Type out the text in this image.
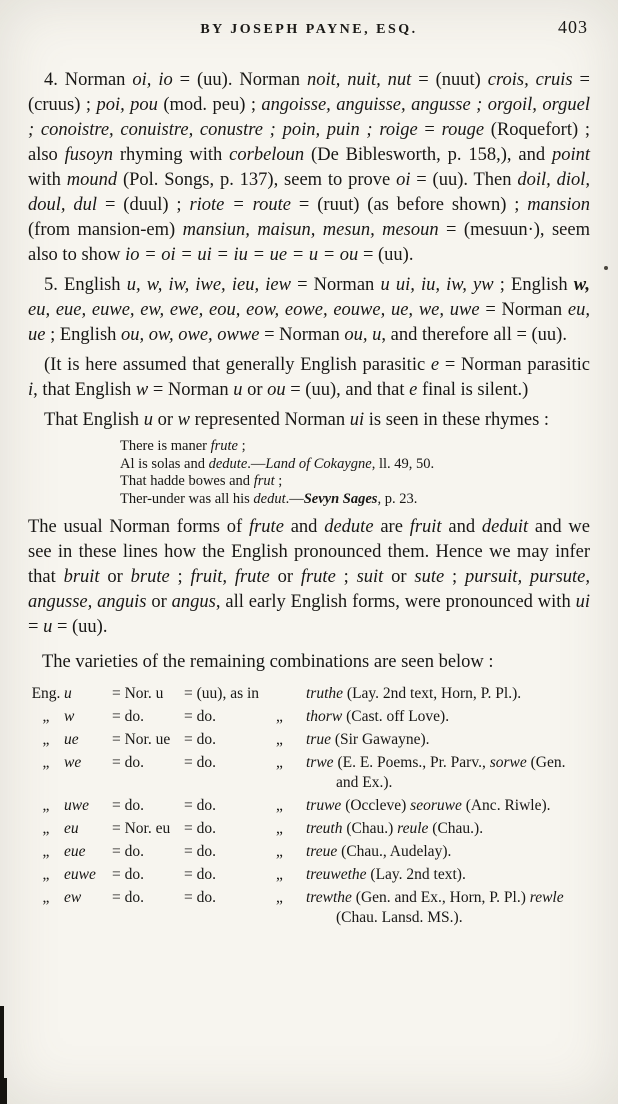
BY JOSEPH PAYNE, ESQ.	403

4. Norman oi, io = (uu). Norman noit, nuit, nut = (nuut) crois, cruis = (cruus) ; poi, pou (mod. peu) ; angoisse, anguisse, angusse ; orgoil, orguel ; conoistre, conuistre, conustre ; poin, puin ; roige = rouge (Roquefort) ; also fusoyn rhyming with corbeloun (De Biblesworth, p. 158,), and point with mound (Pol. Songs, p. 137), seem to prove oi = (uu). Then doil, diol, doul, dul = (duul) ; riote = route = (ruut) (as before shown) ; mansion (from mansion-em) mansiun, maisun, mesun, mesoun = (mesuun·), seem also to show io = oi = ui = iu = ue = u = ou = (uu).

5. English u, w, iw, iwe, ieu, iew = Norman u ui, iu, iw, yw ; English w, eu, eue, euwe, ew, ewe, eou, eow, eowe, eouwe, ue, we, uwe = Norman eu, ue ; English ou, ow, owe, owwe = Norman ou, u, and therefore all = (uu).

(It is here assumed that generally English parasitic e = Norman parasitic i, that English w = Norman u or ou = (uu), and that e final is silent.)

That English u or w represented Norman ui is seen in these rhymes :

There is maner frute ;
Al is solas and dedute.—Land of Cokaygne, ll. 49, 50.
That hadde bowes and frut ;
Ther-under was all his dedut.—Sevyn Sages, p. 23.

The usual Norman forms of frute and dedute are fruit and deduit and we see in these lines how the English pronounced them. Hence we may infer that bruit or brute ; fruit, frute or frute ; suit or sute ; pursuit, pursute, angusse, anguis or angus, all early English forms, were pronounced with ui = u = (uu).

The varieties of the remaining combinations are seen below :

Eng. u	= Nor. u	= (uu), as in	truthe (Lay. 2nd text, Horn, P. Pl.).
„ w	= do.	= do.	„	thorw (Cast. off Love).
„ ue	= Nor. ue = do.	„	true (Sir Gawayne).
„ we	= do.	= do.	„	trwe (E. E. Poems., Pr. Parv., sorwe (Gen. and Ex.).
„ uwe	= do.	= do.	„	truwe (Occleve) seoruwe (Anc. Riwle).
„ eu	= Nor. eu = do.	„	treuth (Chau.) reule (Chau.).
„ eue	= do.	= do.	„	treue (Chau., Audelay).
„ euwe	= do.	= do.	„	treuwethe (Lay. 2nd text).
„ ew	= do.	= do.	„	trewthe (Gen. and Ex., Horn, P. Pl.) rewle (Chau. Lansd. MS.).
